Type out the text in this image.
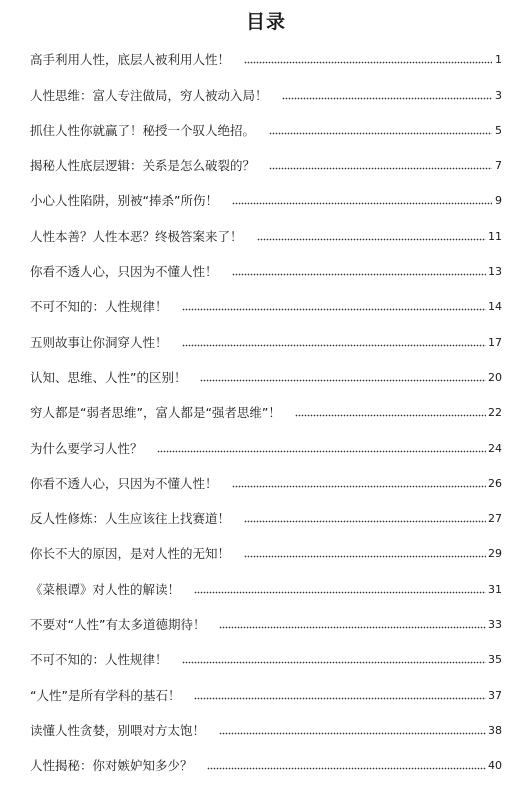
目录
高手利用人性，底层人被利用人性！	1
人性思维：富人专注做局，穷人被动入局！	3
抓住人性你就赢了！秘授一个驭人绝招。	5
揭秘人性底层逻辑：关系是怎么破裂的？	7
小心人性陷阱，别被“捧杀”所伤！	9
人性本善？人性本恶？终极答案来了！	11
你看不透人心，只因为不懂人性！	13
不可不知的：人性规律！	14
五则故事让你洞穿人性！	17
认知、思维、人性”的区别！	20
穷人都是“弱者思维”，富人都是“强者思维”！	22
为什么要学习人性？	24
你看不透人心，只因为不懂人性！	26
反人性修炼：人生应该往上找赛道！	27
你长不大的原因，是对人性的无知！	29
《菜根谭》对人性的解读！	31
不要对“人性”有太多道德期待！	33
不可不知的：人性规律！	35
“人性”是所有学科的基石！	37
读懂人性贪婪，别喂对方太饱！	38
人性揭秘：你对嫉妒知多少？	40
